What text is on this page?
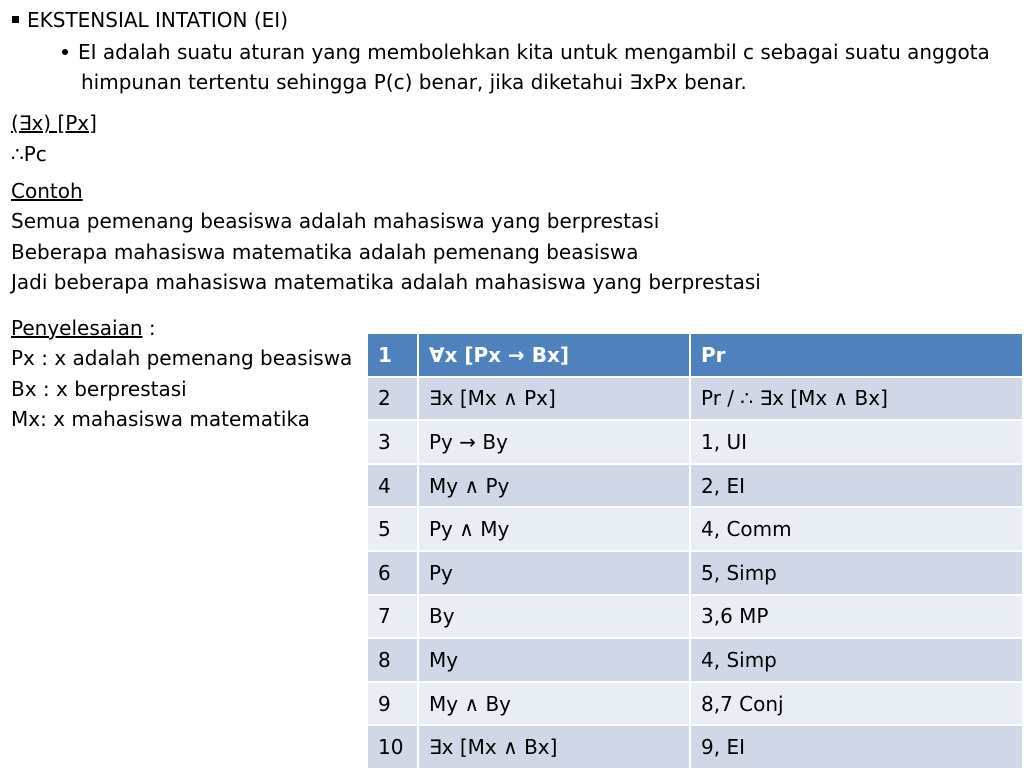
EKSTENSIAL INTATION (EI)
EI adalah suatu aturan yang membolehkan kita untuk mengambil c sebagai suatu anggota
himpunan tertentu sehingga P(c) benar, jika diketahui ∃xPx benar.
(∃x) [Px]
∴Pc
Contoh
Semua pemenang beasiswa adalah mahasiswa yang berprestasi
Beberapa mahasiswa matematika adalah pemenang beasiswa
Jadi beberapa mahasiswa matematika adalah mahasiswa yang berprestasi
Penyelesaian :
Px : x adalah pemenang beasiswa
Bx : x berprestasi
Mx: x mahasiswa matematika
1	∀x [Px → Bx]	Pr
2	∃x [Mx ∧ Px]	Pr / ∴ ∃x [Mx ∧ Bx]
3	Py → By	1, UI
4	My ∧ Py	2, EI
5	Py ∧ My	4, Comm
6	Py	5, Simp
7	By	3,6 MP
8	My	4, Simp
9	My ∧ By	8,7 Conj
10	∃x [Mx ∧ Bx]	9, EI
